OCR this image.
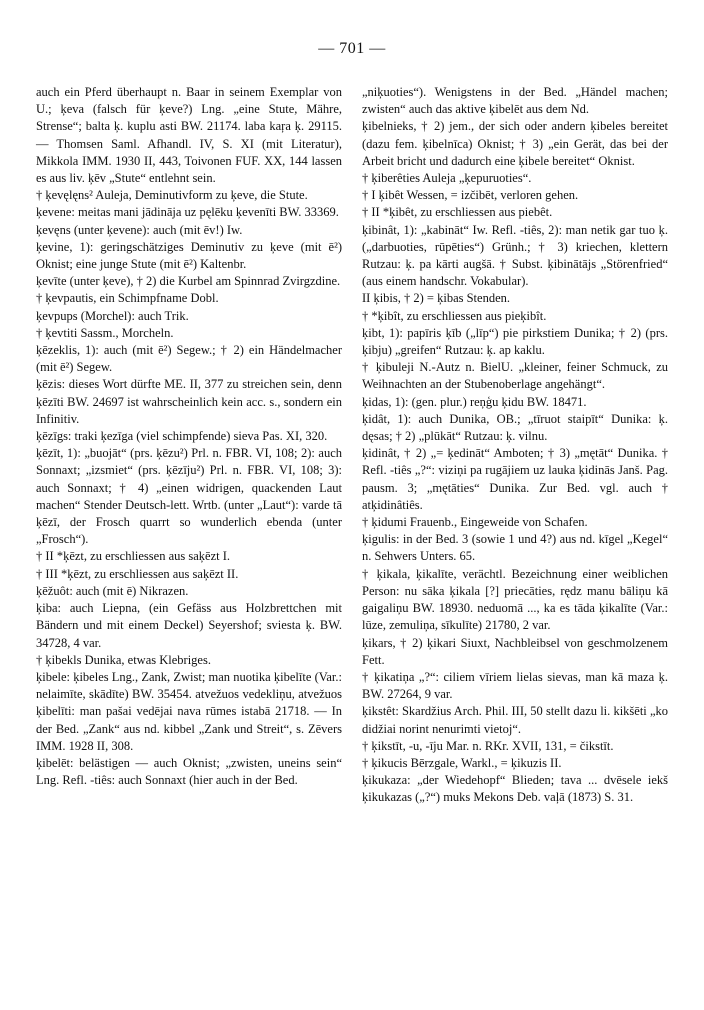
— 701 —

auch ein Pferd überhaupt n. Baar in seinem Exemplar von U.; ķeva (falsch für ķeve?) Lng. „eine Stute, Mähre, Strense“; balta ķ. kuplu asti BW. 21174. laba kaŗa ķ. 29115. — Thomsen Saml. Afhandl. IV, S. XI (mit Literatur), Mikkola IMM. 1930 II, 443, Toivonen FUF. XX, 144 lassen es aus liv. ķēv „Stute“ entlehnt sein.

† ķevęlęns² Auleja, Deminutivform zu ķeve, die Stute.

ķevene: meitas mani jādināja uz pęlēku ķevenīti BW. 33369.

ķevęns (unter ķevene): auch (mit ēv!) Iw.

ķevine, 1): geringschätziges Deminutiv zu ķeve (mit ē²) Oknist; eine junge Stute (mit ē²) Kaltenbr.

ķevīte (unter ķeve), † 2) die Kurbel am Spinnrad Zvirgzdine.

† ķevpautis, ein Schimpfname Dobl.

ķevpups (Morchel): auch Trik.

† ķevtiti Sassm., Morcheln.

ķēzeklis, 1): auch (mit ē²) Segew.; † 2) ein Händelmacher (mit ē²) Segew.

ķēzis: dieses Wort dürfte ME. II, 377 zu streichen sein, denn ķēzīti BW. 24697 ist wahrscheinlich kein acc. s., sondern ein Infinitiv.

ķēzīgs: traki ķezīga (viel schimpfende) sieva Pas. XI, 320.

ķēzīt, 1): „buojāt“ (prs. ķēzu²) Prl. n. FBR. VI, 108; 2): auch Sonnaxt; „izsmiet“ (prs. ķēzīju²) Prl. n. FBR. VI, 108; 3): auch Sonnaxt; † 4) „einen widrigen, quackenden Laut machen“ Stender Deutsch-lett. Wrtb. (unter „Laut“): varde tā ķēzī, der Frosch quarrt so wunderlich ebenda (unter „Frosch“).

† II *ķēzt, zu erschliessen aus saķēzt I.

† III *ķēzt, zu erschliessen aus saķēzt II.

ķēžuôt: auch (mit ē) Nikrazen.

ķiba: auch Liepna, (ein Gefäss aus Holzbrettchen mit Bändern und mit einem Deckel) Seyershof; sviesta ķ. BW. 34728, 4 var.

† ķibekls Dunika, etwas Klebriges.

ķibele: ķibeles Lng., Zank, Zwist; man nuotika ķibelīte (Var.: nelaimīte, skādīte) BW. 35454. atvežuos vedekliņu, atvežuos ķibelīti: man pašai vedējai nava rūmes istabā 21718. — In der Bed. „Zank“ aus nd. kibbel „Zank und Streit“, s. Zēvers IMM. 1928 II, 308.

ķibelēt: belästigen — auch Oknist; „zwisten, uneins sein“ Lng. Refl. -tiês: auch Sonnaxt (hier auch in der Bed.

„niķuoties“). Wenigstens in der Bed. „Händel machen; zwisten“ auch das aktive ķibelēt aus dem Nd.

ķibelnieks, † 2) jem., der sich oder andern ķibeles bereitet (dazu fem. ķibelnīca) Oknist; † 3) „ein Gerät, das bei der Arbeit bricht und dadurch eine ķibele bereitet“ Oknist.

† ķiberêties Auleja „ķepuruoties“.

† I ķibêt Wessen, = izčibēt, verloren gehen.

† II *ķibêt, zu erschliessen aus piebêt.

ķibinât, 1): „kabināt“ Iw. Refl. -tiês, 2): man netik gar tuo ķ. („darbuoties, rūpēties“) Grünh.; † 3) kriechen, klettern Rutzau: ķ. pa kārti augšā. † Subst. ķibinātājs „Störenfried“ (aus einem handschr. Vokabular).

II ķibis, † 2) = ķibas Stenden.

† *ķibît, zu erschliessen aus pieķibît.

ķibt, 1): papīris ķīb („līp“) pie pirkstiem Dunika; † 2) (prs. ķibju) „greifen“ Rutzau: ķ. ap kaklu.

† ķibuleji N.-Autz n. BielU. „kleiner, feiner Schmuck, zu Weihnachten an der Stubenoberlage angehängt“.

ķidas, 1): (gen. plur.) reņģu ķidu BW. 18471.

ķidât, 1): auch Dunika, OB.; „tīruot staipīt“ Dunika: ķ. dęsas; † 2) „plūkāt“ Rutzau: ķ. vilnu.

ķidinât, † 2) „= ķedināt“ Amboten; † 3) „mętāt“ Dunika. † Refl. -tiês „?“: viziņi pa rugājiem uz lauka ķidinās Janš. Pag. pausm. 3; „mętāties“ Dunika. Zur Bed. vgl. auch † atķidinâtiês.

† ķidumi Frauenb., Eingeweide von Schafen.

ķigulis: in der Bed. 3 (sowie 1 und 4?) aus nd. kīgel „Kegel“ n. Sehwers Unters. 65.

† ķikala, ķikalīte, verächtl. Bezeichnung einer weiblichen Person: nu sāka ķikala [?] priecāties, rędz manu bāliņu kā gaigaliņu BW. 18930. neduomā ..., ka es tāda ķikalīte (Var.: lūze, zemuliņa, sīkulīte) 21780, 2 var.

ķikars, † 2) ķikari Siuxt, Nachbleibsel von geschmolzenem Fett.

† ķikatiņa „?“: ciliem vīriem lielas sievas, man kā maza ķ. BW. 27264, 9 var.

ķikstêt: Skardžius Arch. Phil. III, 50 stellt dazu li. kikšēti „ko didžiai norint nenurimti vietoj“.

† ķikstīt, -u, -īju Mar. n. RKr. XVII, 131, = čikstīt.

† ķikucis Bērzgale, Warkl., = ķikuzis II.

ķikukaza: „der Wiedehopf“ Blieden; tava ... dvēsele iekš ķikukazas („?“) muks Mekons Deb. vaļā (1873) S. 31.
